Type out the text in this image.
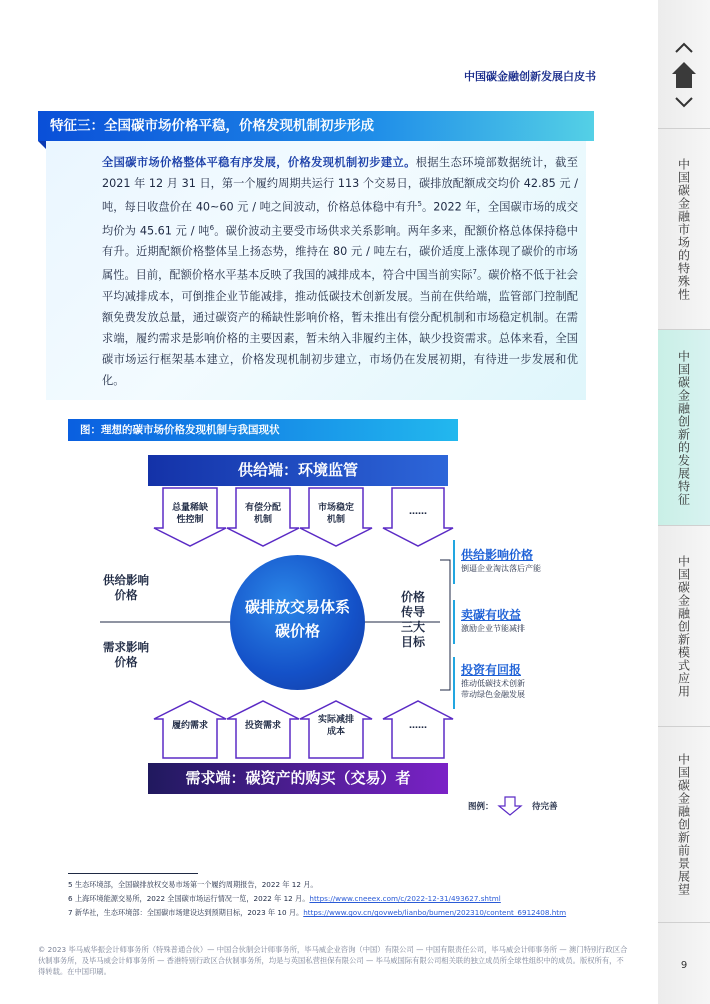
中国碳金融创新发展白皮书
特征三：全国碳市场价格平稳，价格发现机制初步形成
全国碳市场价格整体平稳有序发展，价格发现机制初步建立。根据生态环境部数据统计，截至 2021 年 12 月 31 日，第一个履约周期共运行 113 个交易日，碳排放配额成交均价 42.85 元 / 吨，每日收盘价在 40~60 元 / 吨之间波动，价格总体稳中有升$^5$。2022 年，全国碳市场的成交均价为 45.61 元 / 吨$^6$。碳价波动主要受市场供求关系影响。两年多来，配额价格总体保持稳中有升。近期配额价格整体呈上扬态势，维持在 80 元 / 吨左右，碳价适度上涨体现了碳价的市场属性。目前，配额价格水平基本反映了我国的减排成本，符合中国当前实际$^7$。碳价格不低于社会平均减排成本，可倒推企业节能减排，推动低碳技术创新发展。当前在供给端，监管部门控制配额免费发放总量，通过碳资产的稀缺性影响价格，暂未推出有偿分配机制和市场稳定机制。在需求端，履约需求是影响价格的主要因素，暂未纳入非履约主体，缺少投资需求。总体来看，全国碳市场运行框架基本建立，价格发现机制初步建立，市场仍在发展初期，有待进一步发展和优化。
图：理想的碳市场价格发现机制与我国现状
供给端：环境监管
总量稀缺
性控制
有偿分配
机制
市场稳定
机制
……
履约需求	投资需求
实际减排
成本
……
碳排放交易体系
碳价格
供给影响
价格
需求影响
价格
价格
传导
三大
目标
供给影响价格
倒逼企业淘汰落后产能
卖碳有收益
激励企业节能减排
投资有回报
推动低碳技术创新
带动绿色金融发展
需求端：碳资产的购买（交易）者
图例：	待完善
5 生态环境部，全国碳排放权交易市场第一个履约周期报告，2022 年 12 月。
6 上海环境能源交易所，2022 全国碳市场运行情况一览，2022 年 12 月。https://www.cneeex.com/c/2022-12-31/493627.shtml
7 新华社，生态环境部：全国碳市场建设达到预期目标，2023 年 10 月。https://www.gov.cn/govweb/lianbo/bumen/202310/content_6912408.htm
© 2023 毕马威华振会计师事务所（特殊普通合伙）— 中国合伙制会计师事务所，毕马威企业咨询（中国）有限公司 — 中国有限责任公司，毕马威会计师事务所 — 澳门特别行政区合伙制事务所，及毕马威会计师事务所 — 香港特别行政区合伙制事务所，均是与英国私营担保有限公司 — 毕马威国际有限公司相关联的独立成员所全球性组织中的成员。版权所有，不得转载。在中国印刷。
中国碳金融市场的特殊性
中国碳金融创新的发展特征
中国碳金融创新模式应用
中国碳金融创新前景展望
9
